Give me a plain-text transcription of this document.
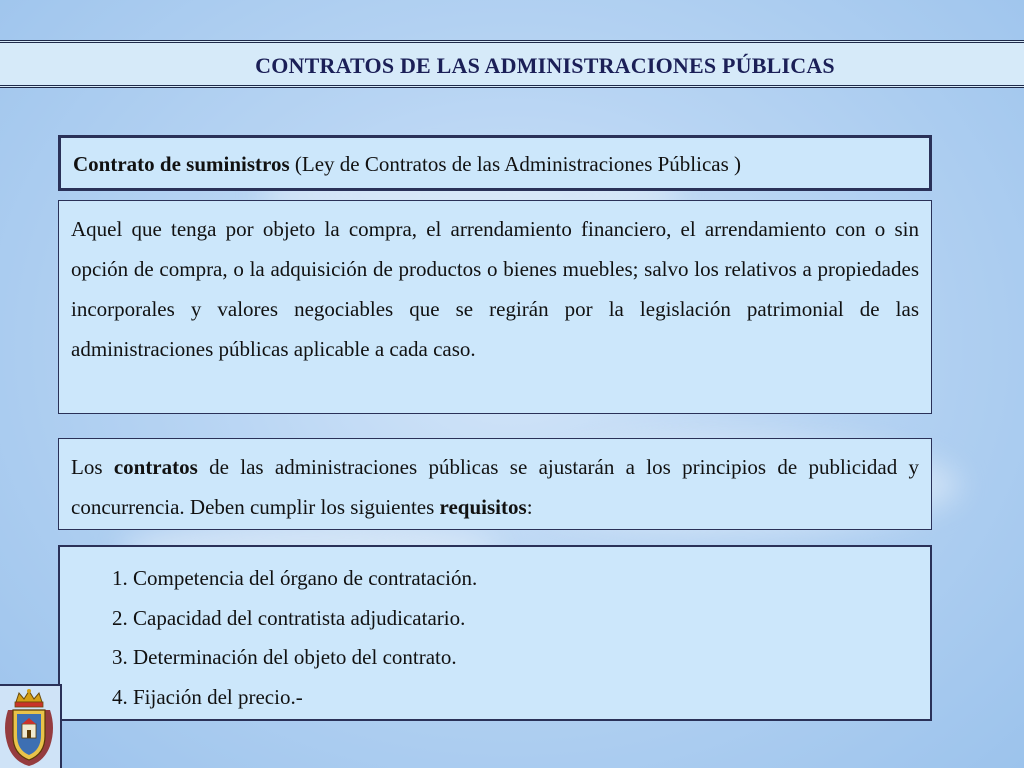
CONTRATOS DE LAS ADMINISTRACIONES PÚBLICAS
Contrato de suministros (Ley de Contratos de las Administraciones Públicas )
Aquel que tenga por objeto la compra, el arrendamiento financiero, el arrendamiento con o sin opción de compra, o la adquisición de productos o bienes muebles; salvo los relativos a propiedades incorporales y valores negociables que se regirán por la legislación patrimonial de las administraciones públicas aplicable a cada caso.
Los contratos de las administraciones públicas se ajustarán a los principios de publicidad y concurrencia. Deben cumplir los siguientes requisitos:
1. Competencia del órgano de contratación.
2. Capacidad del contratista adjudicatario.
3. Determinación del objeto del contrato.
4. Fijación del precio.-
